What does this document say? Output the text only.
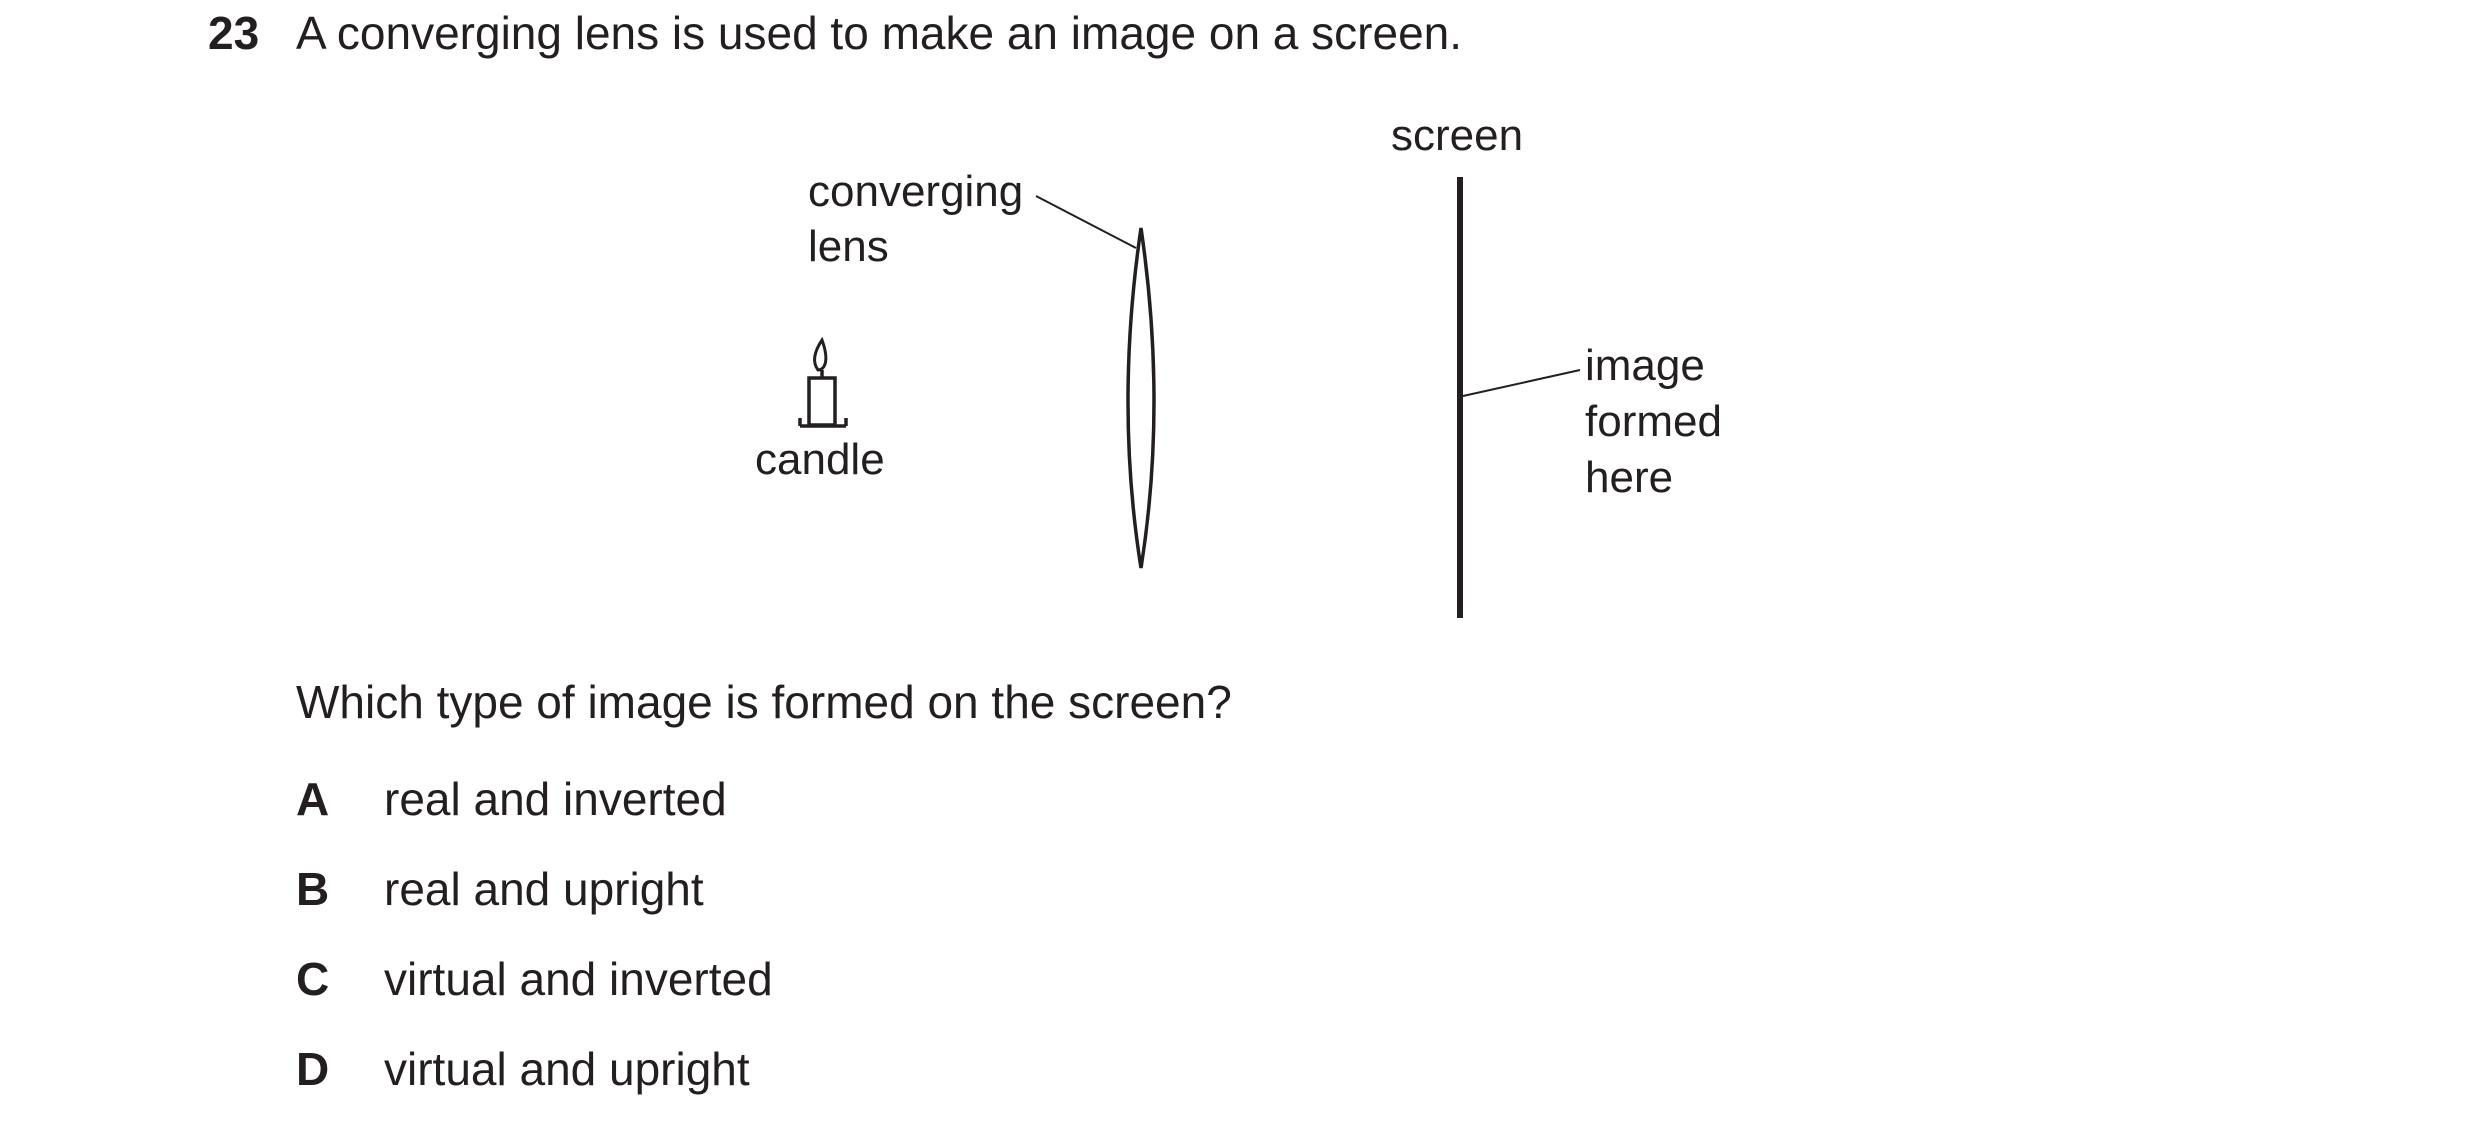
23 A converging lens is used to make an image on a screen.
candle
converging
lens
screen
image
formed
here
Which type of image is formed on the screen?
A real and inverted
B real and upright
C virtual and inverted
D virtual and upright
